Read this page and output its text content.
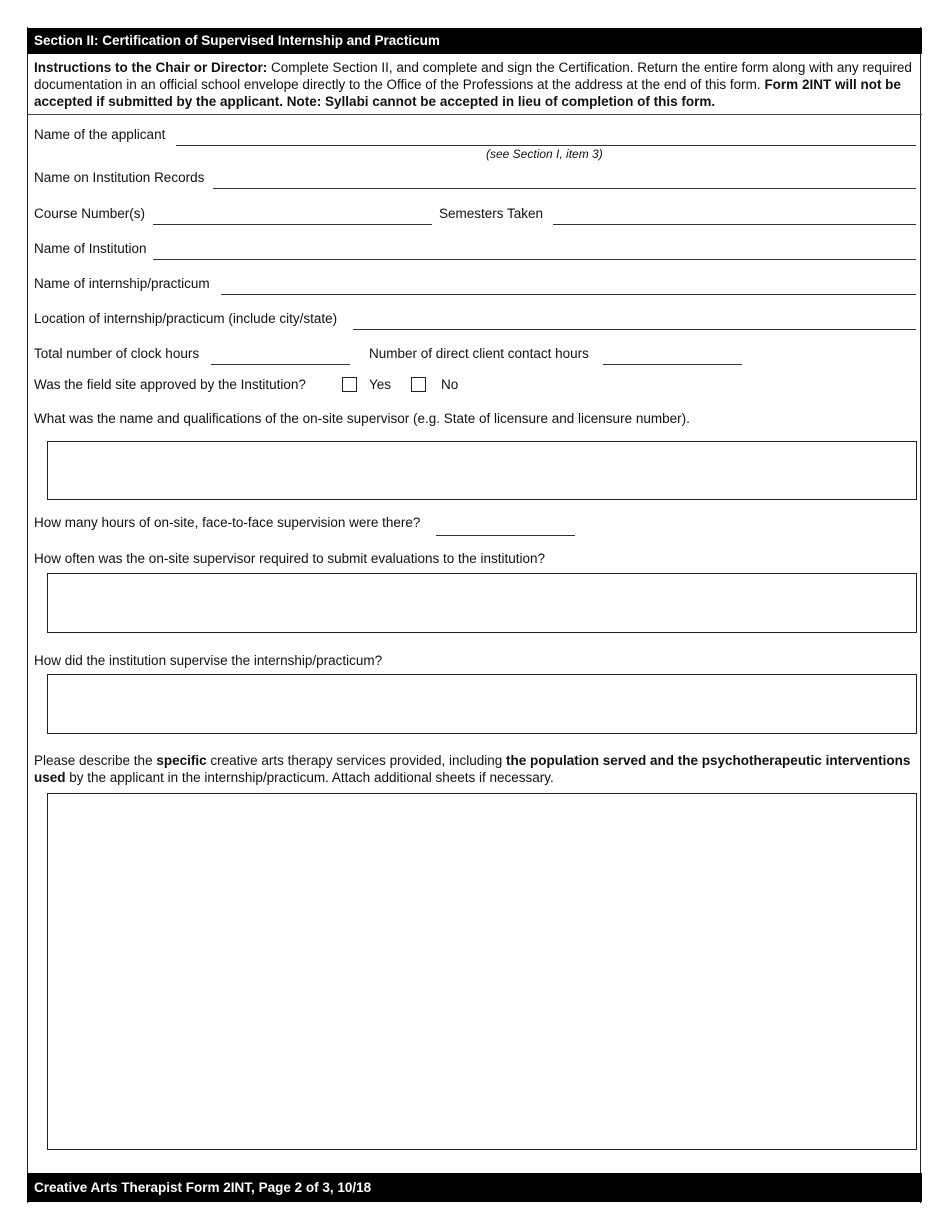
Section II: Certification of Supervised Internship and Practicum
Instructions to the Chair or Director: Complete Section II, and complete and sign the Certification. Return the entire form along with any required documentation in an official school envelope directly to the Office of the Professions at the address at the end of this form. Form 2INT will not be accepted if submitted by the applicant. Note: Syllabi cannot be accepted in lieu of completion of this form.
Name of the applicant
(see Section I, item 3)
Name on Institution Records
Course Number(s)	Semesters Taken
Name of Institution
Name of internship/practicum
Location of internship/practicum (include city/state)
Total number of clock hours	Number of direct client contact hours
Was the field site approved by the Institution?	Yes	No
What was the name and qualifications of the on-site supervisor (e.g. State of licensure and licensure number).
How many hours of on-site, face-to-face supervision were there?
How often was the on-site supervisor required to submit evaluations to the institution?
How did the institution supervise the internship/practicum?
Please describe the specific creative arts therapy services provided, including the population served and the psychotherapeutic interventions used by the applicant in the internship/practicum. Attach additional sheets if necessary.
Creative Arts Therapist Form 2INT, Page 2 of 3, 10/18
